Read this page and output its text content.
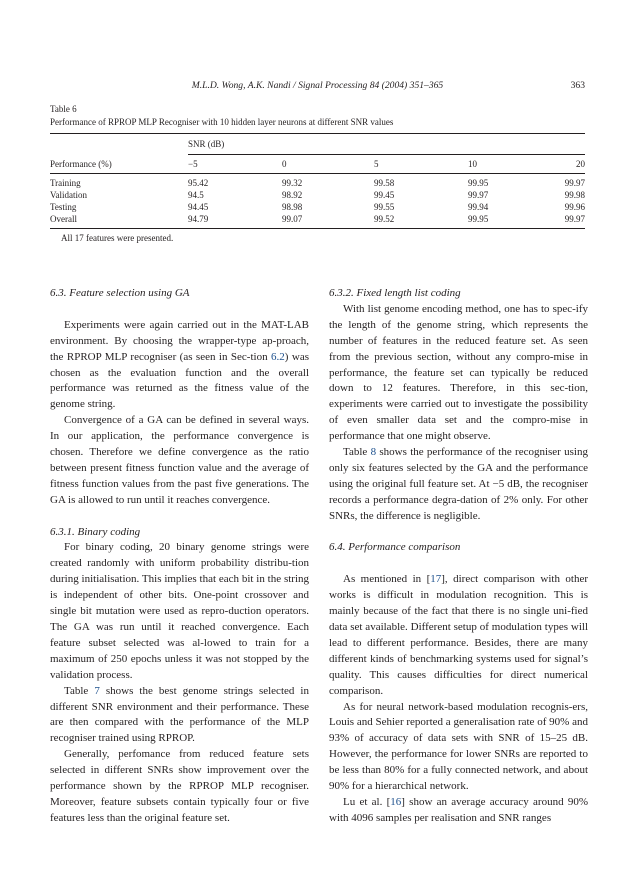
M.L.D. Wong, A.K. Nandi / Signal Processing 84 (2004) 351–365	363
Table 6
Performance of RPROP MLP Recogniser with 10 hidden layer neurons at different SNR values
SNR (dB)
Performance (%)	−5	0	5	10	20
Training	95.42	99.32	99.58	99.95	99.97
Validation	94.5	98.92	99.45	99.97	99.98
Testing	94.45	98.98	99.55	99.94	99.96
Overall	94.79	99.07	99.52	99.95	99.97
All 17 features were presented.
6.3. Feature selection using GA

Experiments were again carried out in the MAT-LAB environment. By choosing the wrapper-type ap-proach, the RPROP MLP recogniser (as seen in Sec-tion 6.2) was chosen as the evaluation function and the overall performance was returned as the fitness value of the genome string.

Convergence of a GA can be defined in several ways. In our application, the performance convergence is chosen. Therefore we define convergence as the ratio between present fitness function value and the average of fitness function values from the past five generations. The GA is allowed to run until it reaches convergence.

6.3.1. Binary coding

For binary coding, 20 binary genome strings were created randomly with uniform probability distribu-tion during initialisation. This implies that each bit in the string is independent of other bits. One-point crossover and single bit mutation were used as repro-duction operators. The GA was run until it reached convergence. Each feature subset selected was al-lowed to train for a maximum of 250 epochs unless it was not stopped by the validation process.

Table 7 shows the best genome strings selected in different SNR environment and their performance. These are then compared with the performance of the MLP recogniser trained using RPROP.

Generally, perfomance from reduced feature sets selected in different SNRs show improvement over the performance shown by the RPROP MLP recogniser. Moreover, feature subsets contain typically four or five features less than the original feature set.

6.3.2. Fixed length list coding

With list genome encoding method, one has to spec-ify the length of the genome string, which represents the number of features in the reduced feature set. As seen from the previous section, without any compro-mise in performance, the feature set can typically be reduced down to 12 features. Therefore, in this sec-tion, experiments were carried out to investigate the possibility of even smaller data set and the compro-mise in performance that one might observe.

Table 8 shows the performance of the recogniser using only six features selected by the GA and the performance using the original full feature set. At −5 dB, the recogniser records a performance degra-dation of 2% only. For other SNRs, the difference is negligible.

6.4. Performance comparison

As mentioned in [17], direct comparison with other works is difficult in modulation recognition. This is mainly because of the fact that there is no single uni-fied data set available. Different setup of modulation types will lead to different performance. Besides, there are many different kinds of benchmarking systems used for signal’s quality. This causes difficulties for direct numerical comparison.

As for neural network-based modulation recognis-ers, Louis and Sehier reported a generalisation rate of 90% and 93% of accuracy of data sets with SNR of 15–25 dB. However, the performance for lower SNRs are reported to be less than 80% for a fully connected network, and about 90% for a hierarchical network.

Lu et al. [16] show an average accuracy around 90% with 4096 samples per realisation and SNR ranges
